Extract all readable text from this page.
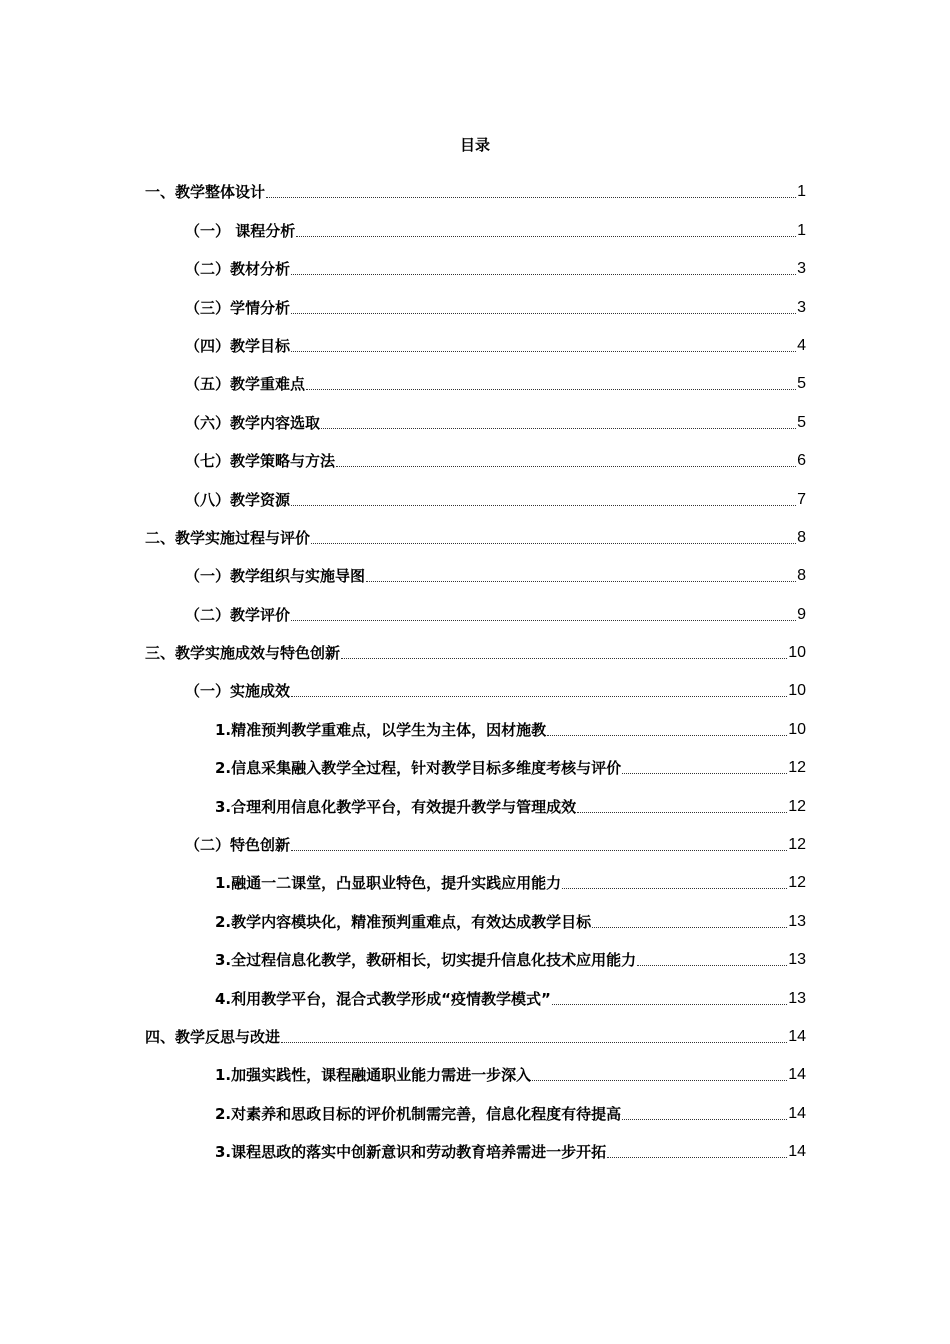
目录
一、教学整体设计	1
（一） 课程分析	1
（二）教材分析	3
（三）学情分析	3
（四）教学目标	4
（五）教学重难点	5
（六）教学内容选取	5
（七）教学策略与方法	6
（八）教学资源	7
二、教学实施过程与评价	8
（一）教学组织与实施导图	8
（二）教学评价	9
三、教学实施成效与特色创新	10
（一）实施成效	10
1.精准预判教学重难点，以学生为主体，因材施教	10
2.信息采集融入教学全过程，针对教学目标多维度考核与评价	12
3.合理利用信息化教学平台，有效提升教学与管理成效	12
（二）特色创新	12
1.融通一二课堂，凸显职业特色，提升实践应用能力	12
2.教学内容模块化，精准预判重难点，有效达成教学目标	13
3.全过程信息化教学，教研相长，切实提升信息化技术应用能力	13
4.利用教学平台，混合式教学形成“疫情教学模式”	13
四、教学反思与改进	14
1.加强实践性，课程融通职业能力需进一步深入	14
2.对素养和思政目标的评价机制需完善，信息化程度有待提高	14
3.课程思政的落实中创新意识和劳动教育培养需进一步开拓	14
